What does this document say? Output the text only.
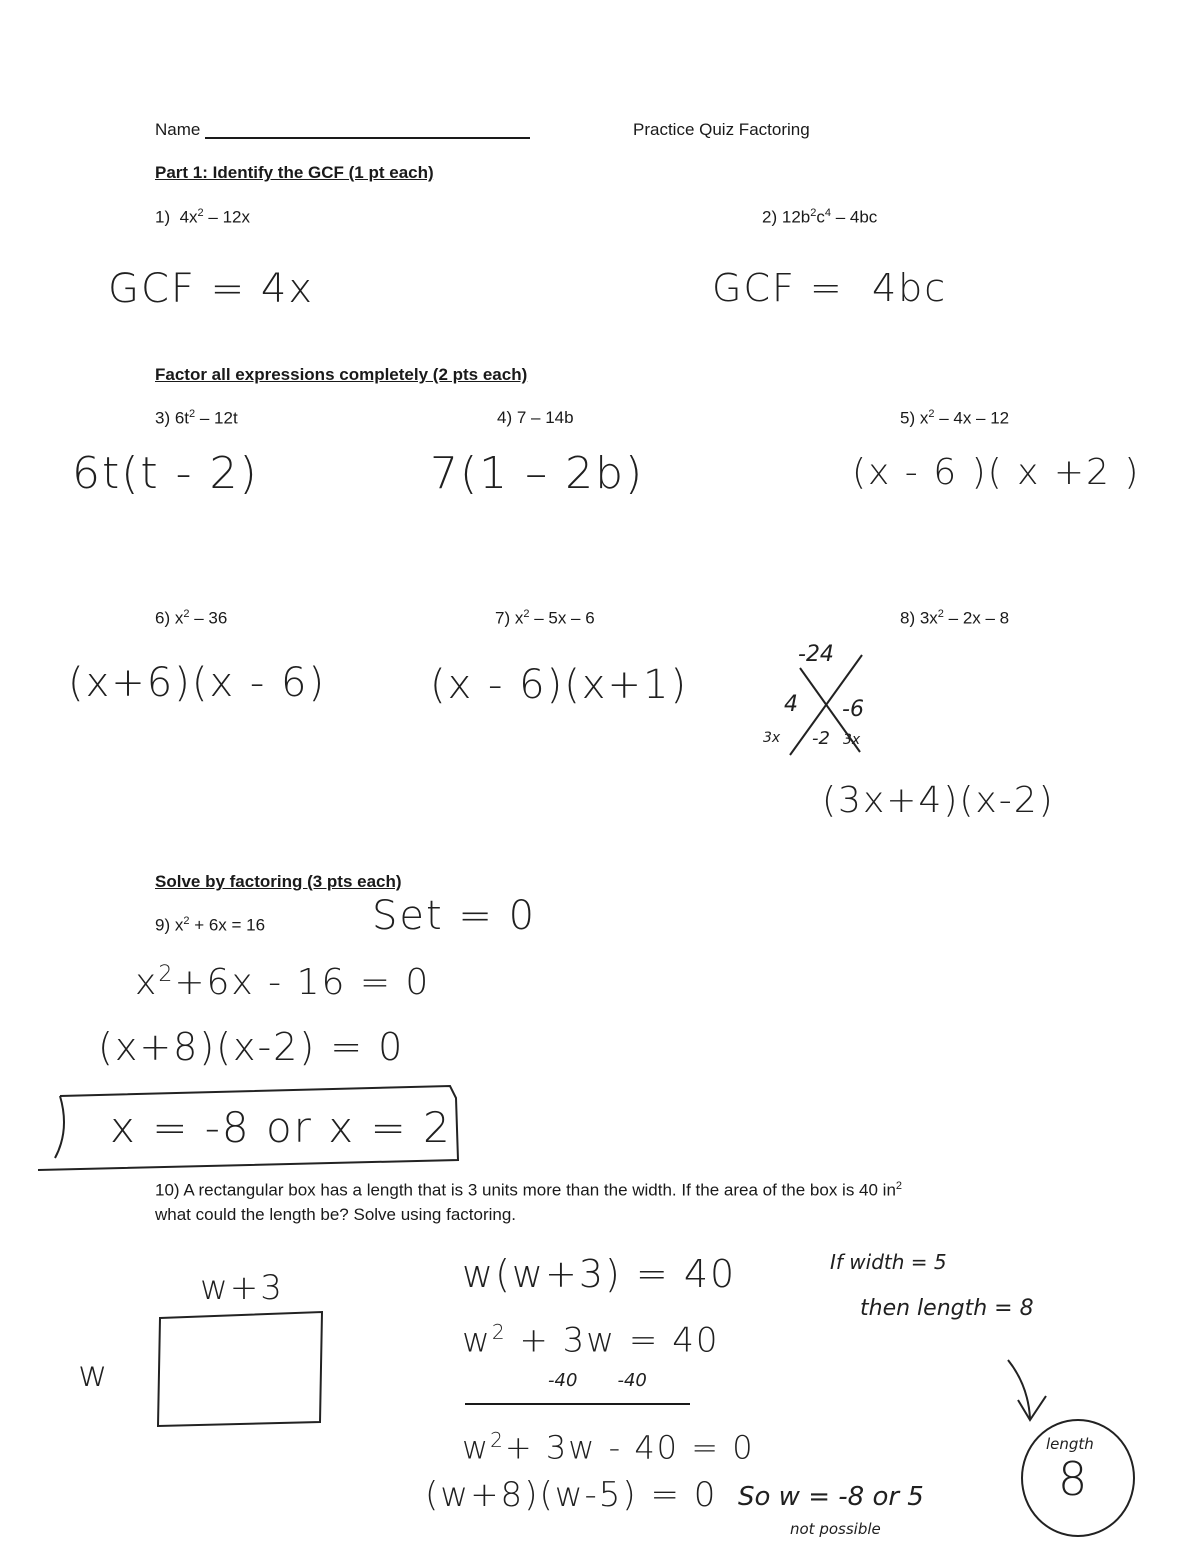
Name	Practice Quiz Factoring
Part 1: Identify the GCF (1 pt each)
1) $4x^2 - 12x$
GCF = 4x
2) $12b^2c^4 - 4bc$
GCF = 4bc
Factor all expressions completely (2 pts each)
3) $6t^2 - 12t$
6t(t - 2)
4) 7 – 14b
7(1 – 2b)
5) $x^2 - 4x - 12$
(x - 6 )( x +2 )
6) $x^2 - 36$
(x+6)(x - 6)
7) $x^2 - 5x - 6$
(x - 6)(x+1)
8) $3x^2 - 2x - 8$
-24
4 -6
3x -2 3x
(3x+4)(x-2)
Solve by factoring (3 pts each)
9) $x^2 + 6x = 16$	Set = 0
$x^2+6x - 16 = 0$
(x+8)(x-2) = 0
x = -8 or x = 2
10) A rectangular box has a length that is 3 units more than the width. If the area of the box is 40 $in^2$
what could the length be? Solve using factoring.
w+3
w
w(w+3) = 40
$w^2 + 3w = 40$
-40       -40
$w^2+ 3w - 40 = 0$
(w+8)(w-5) = 0 So w = -8 or 5
not possible
If width = 5
then length = 8
length
8
